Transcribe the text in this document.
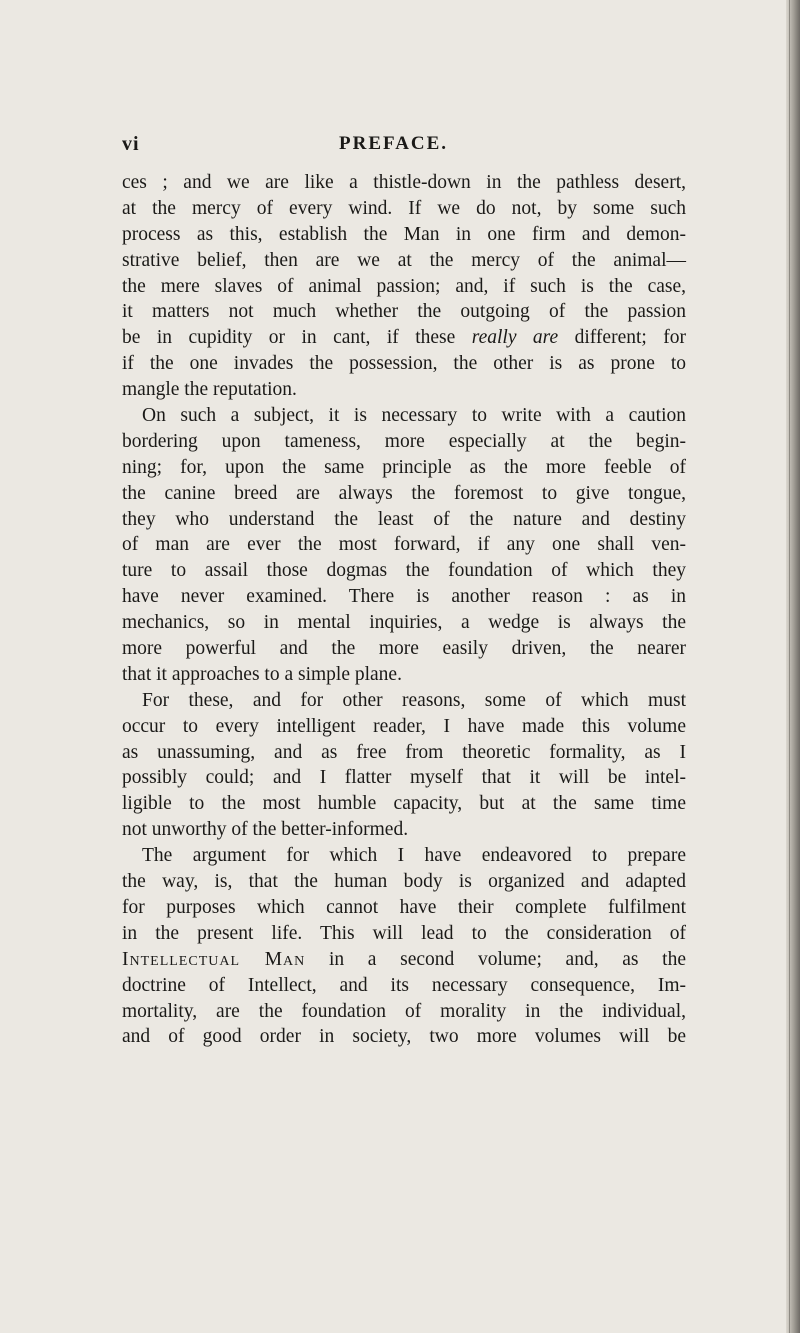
vi	PREFACE.
ces ; and we are like a thistle-down in the pathless desert,
at the mercy of every wind. If we do not, by some such
process as this, establish the Man in one firm and demon-
strative belief, then are we at the mercy of the animal—
the mere slaves of animal passion; and, if such is the case,
it matters not much whether the outgoing of the passion
be in cupidity or in cant, if these really are different; for
if the one invades the possession, the other is as prone to
mangle the reputation.
On such a subject, it is necessary to write with a caution
bordering upon tameness, more especially at the begin-
ning; for, upon the same principle as the more feeble of
the canine breed are always the foremost to give tongue,
they who understand the least of the nature and destiny
of man are ever the most forward, if any one shall ven-
ture to assail those dogmas the foundation of which they
have never examined. There is another reason : as in
mechanics, so in mental inquiries, a wedge is always the
more powerful and the more easily driven, the nearer
that it approaches to a simple plane.
For these, and for other reasons, some of which must
occur to every intelligent reader, I have made this volume
as unassuming, and as free from theoretic formality, as I
possibly could; and I flatter myself that it will be intel-
ligible to the most humble capacity, but at the same time
not unworthy of the better-informed.
The argument for which I have endeavored to prepare
the way, is, that the human body is organized and adapted
for purposes which cannot have their complete fulfilment
in the present life. This will lead to the consideration of
Intellectual Man in a second volume; and, as the
doctrine of Intellect, and its necessary consequence, Im-
mortality, are the foundation of morality in the individual,
and of good order in society, two more volumes will be
